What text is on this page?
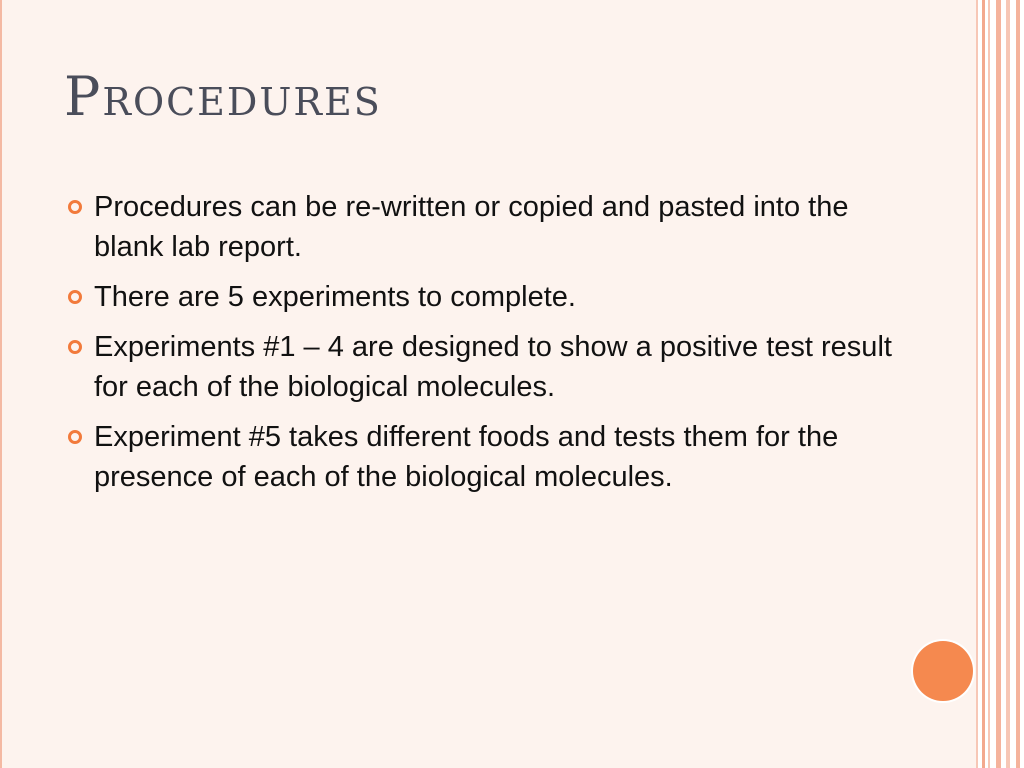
Procedures
Procedures can be re-written or copied and pasted into the blank lab report.
There are 5 experiments to complete.
Experiments #1 – 4 are designed to show a positive test result for each of the biological molecules.
Experiment #5 takes different foods and tests them for the presence of each of the biological molecules.
